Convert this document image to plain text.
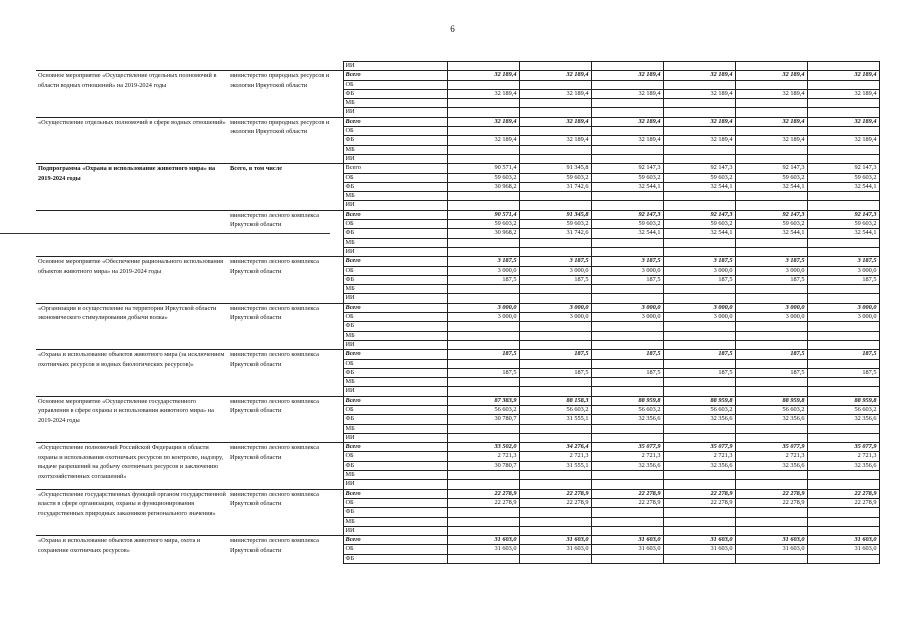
6
		ИИ						
Основное мероприятие «Осуществление отдельных полномочий в области водных отношений» на 2019-2024 годы	министерство природных ресурсов и экологии Иркутской области	Всего	32 189,4	32 189,4	32 189,4	32 189,4	32 189,4	32 189,4
		ОБ						
		ФБ	32 189,4	32 189,4	32 189,4	32 189,4	32 189,4	32 189,4
		МБ						
		ИИ						
«Осуществление отдельных полномочий в сфере водных отношений»	министерство природных ресурсов и экологии Иркутской области	Всего	32 189,4	32 189,4	32 189,4	32 189,4	32 189,4	32 189,4
		ОБ						
		ФБ	32 189,4	32 189,4	32 189,4	32 189,4	32 189,4	32 189,4
		МБ						
		ИИ						
Подпрограмма «Охрана и использование животного мира» на 2019-2024 годы	Всего, в том числе	Всего	90 571,4	91 345,8	92 147,3	92 147,3	92 147,3	92 147,3
		ОБ	59 603,2	59 603,2	59 603,2	59 603,2	59 603,2	59 603,2
		ФБ	30 968,2	31 742,6	32 544,1	32 544,1	32 544,1	32 544,1
		МБ						
		ИИ						
	министерство лесного комплекса Иркутской области	Всего	90 571,4	91 345,8	92 147,3	92 147,3	92 147,3	92 147,3
		ОБ	59 603,2	59 603,2	59 603,2	59 603,2	59 603,2	59 603,2
		ФБ	30 968,2	31 742,6	32 544,1	32 544,1	32 544,1	32 544,1
		МБ						
		ИИ						
Основное мероприятие «Обеспечение рационального использования объектов животного мира» на 2019-2024 годы	министерство лесного комплекса Иркутской области	Всего	3 187,5	3 187,5	3 187,5	3 187,5	3 187,5	3 187,5
		ОБ	3 000,0	3 000,0	3 000,0	3 000,0	3 000,0	3 000,0
		ФБ	187,5	187,5	187,5	187,5	187,5	187,5
		МБ						
		ИИ						
«Организация и осуществление на территории Иркутской области экономического стимулирования добычи волка»	министерство лесного комплекса Иркутской области	Всего	3 000,0	3 000,0	3 000,0	3 000,0	3 000,0	3 000,0
		ОБ	3 000,0	3 000,0	3 000,0	3 000,0	3 000,0	3 000,0
		ФБ						
		МБ						
		ИИ						
«Охрана и использование объектов животного мира (за исключением охотничьих ресурсов и водных биологических ресурсов)»	министерство лесного комплекса Иркутской области	Всего	187,5	187,5	187,5	187,5	187,5	187,5
		ОБ						
		ФБ	187,5	187,5	187,5	187,5	187,5	187,5
		МБ						
		ИИ						
Основное мероприятие «Осуществление государственного управления в сфере охраны и использования животного мира» на 2019-2024 годы	министерство лесного комплекса Иркутской области	Всего	87 383,9	88 158,3	88 959,8	88 959,8	88 959,8	88 959,8
		ОБ	56 603,2	56 603,2	56 603,2	56 603,2	56 603,2	56 603,2
		ФБ	30 780,7	31 555,1	32 356,6	32 356,6	32 356,6	32 356,6
		МБ						
		ИИ						
«Осуществление полномочий Российской Федерации в области охраны и использования охотничьих ресурсов по контролю, надзору, выдаче разрешений на добычу охотничьих ресурсов и заключению охотхозяйственных соглашений»	министерство лесного комплекса Иркутской области	Всего	33 502,0	34 276,4	35 077,9	35 077,9	35 077,9	35 077,9
		ОБ	2 721,3	2 721,3	2 721,3	2 721,3	2 721,3	2 721,3
		ФБ	30 780,7	31 555,1	32 356,6	32 356,6	32 356,6	32 356,6
		МБ						
		ИИ						
«Осуществление государственных функций органом государственной власти в сфере организации, охраны и функционирования государственных природных заказников регионального значения»	министерство лесного комплекса Иркутской области	Всего	22 278,9	22 278,9	22 278,9	22 278,9	22 278,9	22 278,9
		ОБ	22 278,9	22 278,9	22 278,9	22 278,9	22 278,9	22 278,9
		ФБ						
		МБ						
		ИИ						
«Охрана и использование объектов животного мира, охота и сохранение охотничьих ресурсов»	министерство лесного комплекса Иркутской области	Всего	31 603,0	31 603,0	31 603,0	31 603,0	31 603,0	31 603,0
		ОБ	31 603,0	31 603,0	31 603,0	31 603,0	31 603,0	31 603,0
		ФБ						
